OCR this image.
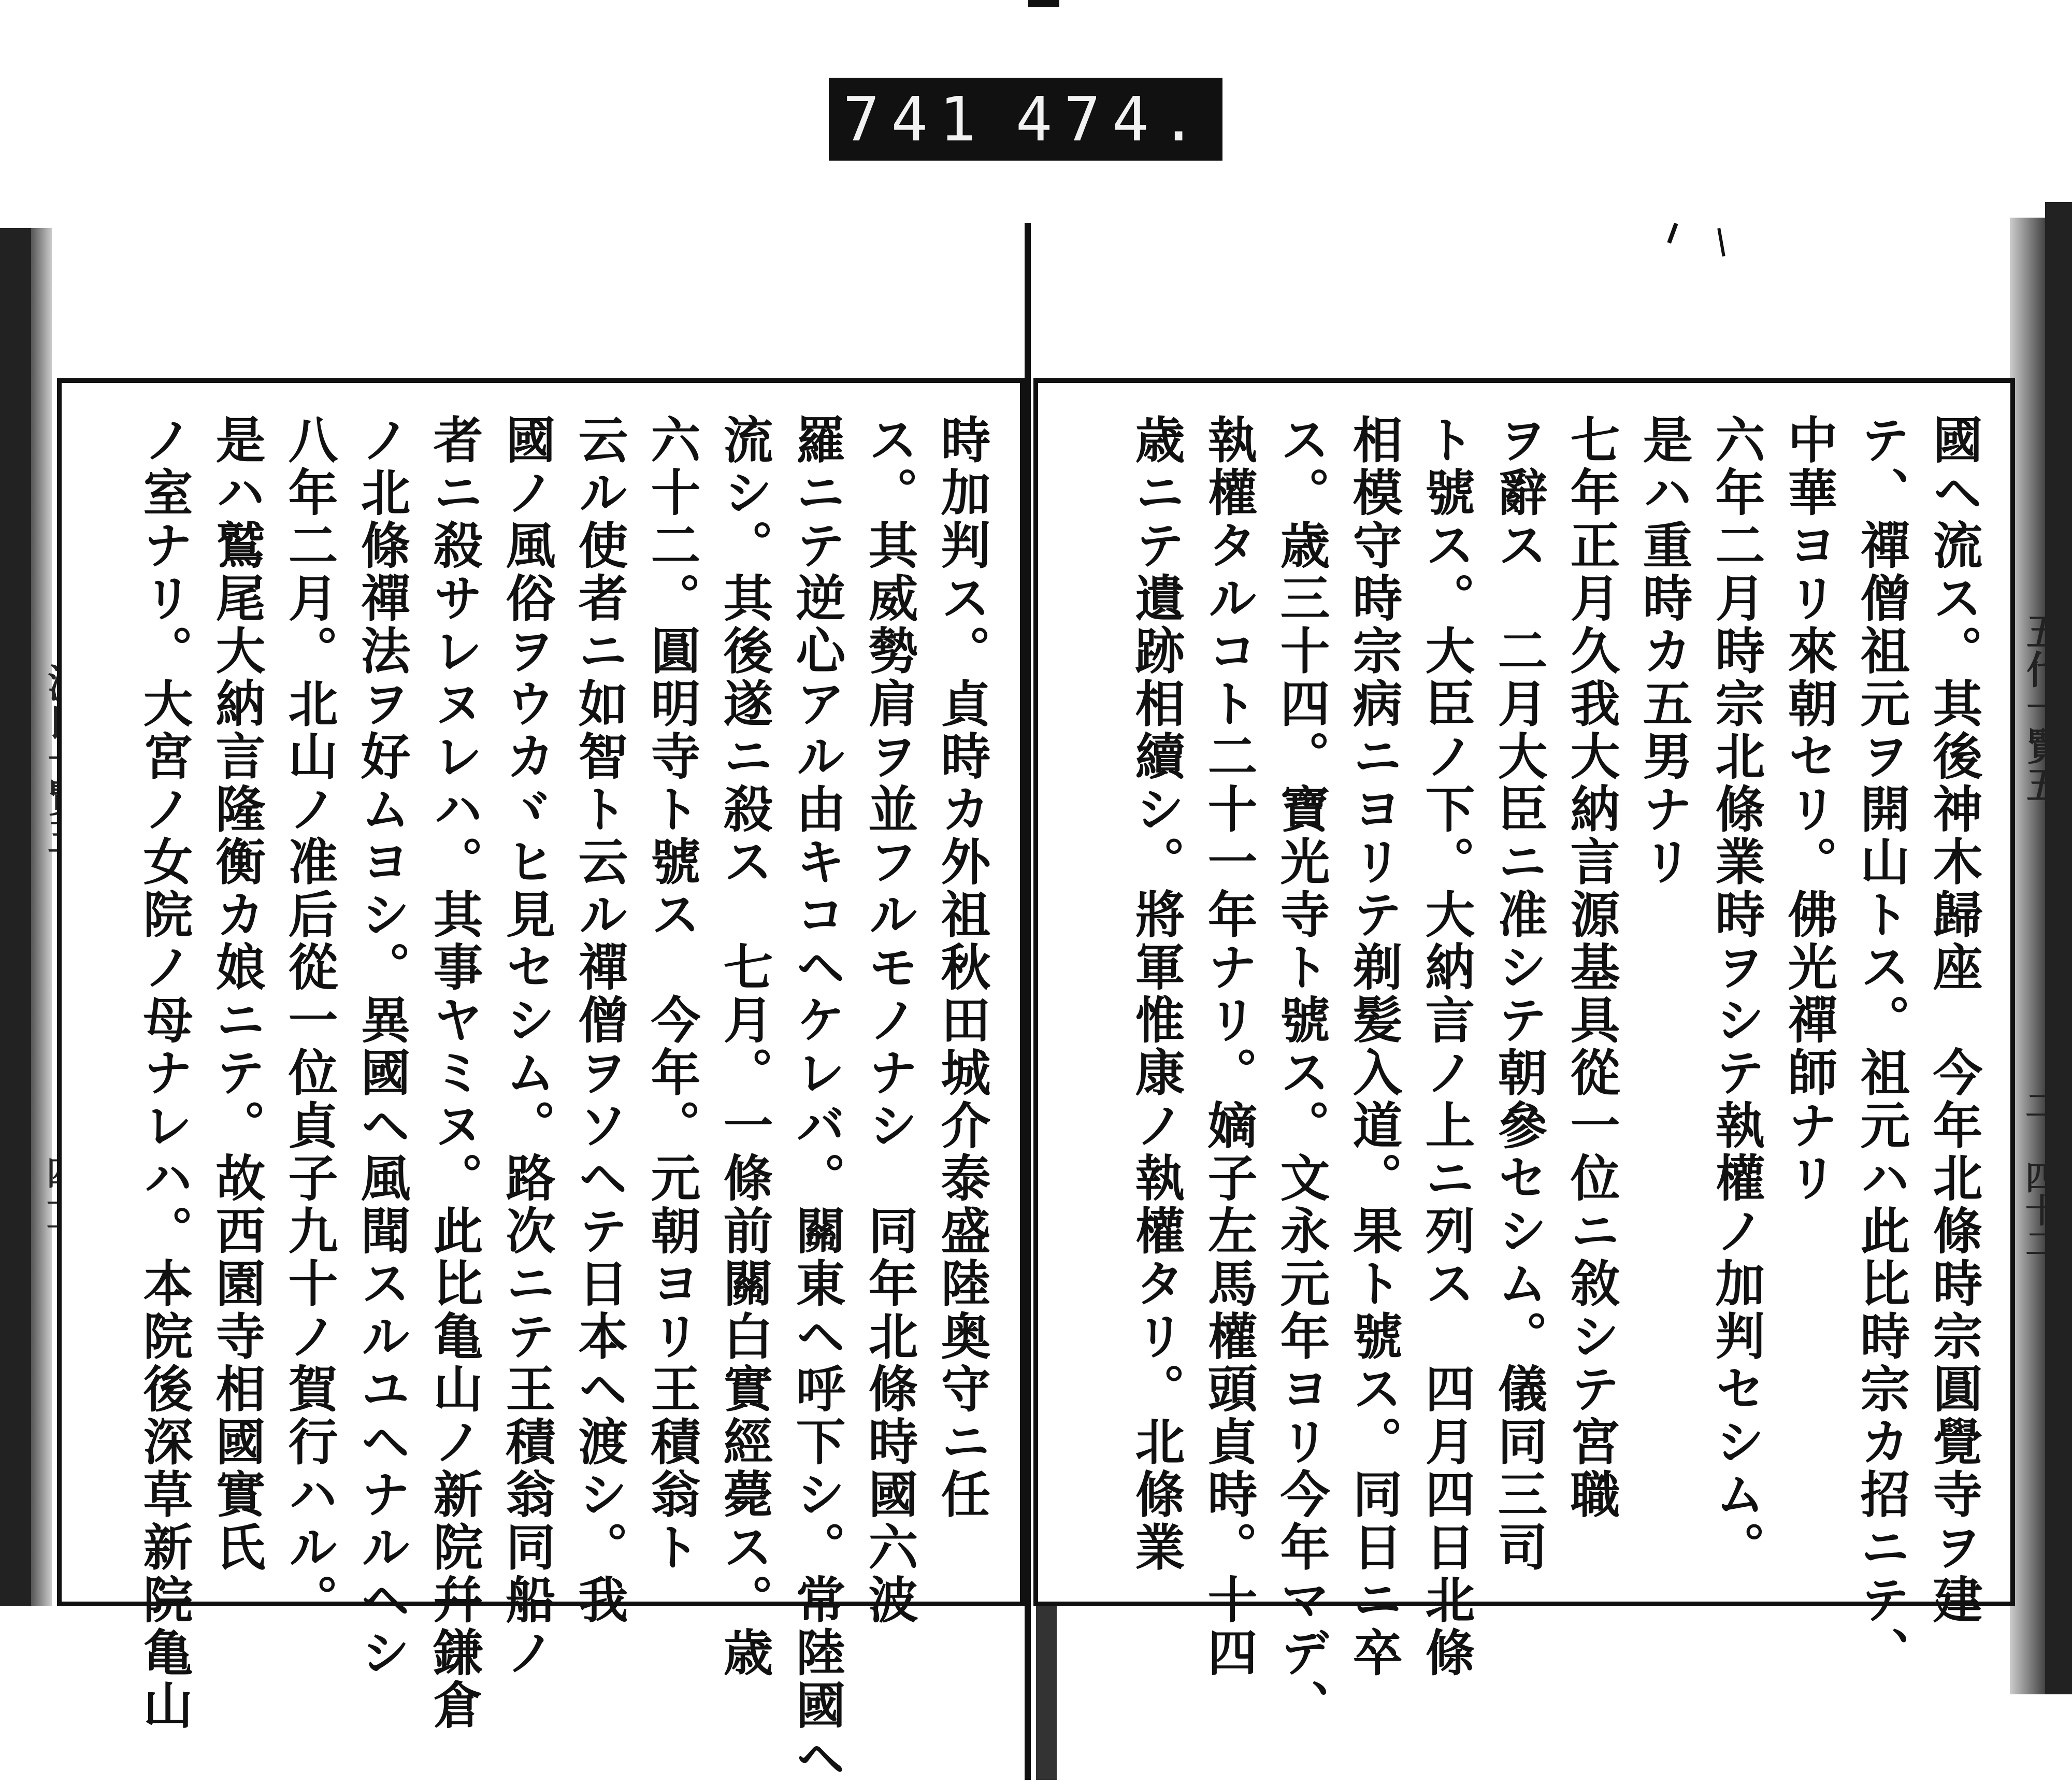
741 474.
五代一覽五
二 四十二
國ヘ流ス。其後神木歸座　今年北條時宗圓覺寺ヲ建
テ、禪僧祖元ヲ開山トス。祖元ハ此比時宗カ招ニテ、
中華ヨリ來朝セリ。佛光禪師ナリ
六年二月時宗北條業時ヲシテ執權ノ加判セシム。
是ハ重時カ五男ナリ
七年正月久我大納言源基具從一位ニ敘シテ宮職
ヲ辭ス　二月大臣ニ准シテ朝參セシム。儀同三司
ト號ス。大臣ノ下。大納言ノ上ニ列ス　四月四日北條
相模守時宗病ニヨリテ剃髪入道。果ト號ス。同日ニ卒
ス。歳三十四。寶光寺ト號ス。文永元年ヨリ今年マデ、
執權タルコト二十一年ナリ。嫡子左馬權頭貞時。十四
歳ニテ遺跡相續シ。將軍惟康ノ執權タリ。北條業
時加判ス。貞時カ外祖秋田城介泰盛陸奥守ニ任
ス。其威勢肩ヲ並フルモノナシ　同年北條時國六波
羅ニテ逆心アル由キコヘケレバ。關東ヘ呼下シ。常陸國ヘ
流シ。其後遂ニ殺ス　七月。一條前關白實經薨ス。歳
六十二。圓明寺ト號ス　今年。元朝ヨリ王積翁ト
云ル使者ニ如智ト云ル禪僧ヲソヘテ日本ヘ渡シ。我
國ノ風俗ヲウカヾヒ見セシム。路次ニテ王積翁同船ノ
者ニ殺サレヌレハ。其事ヤミヌ。此比亀山ノ新院幷鎌倉
ノ北條禪法ヲ好ムヨシ。異國ヘ風聞スルユヘナルヘシ
八年二月。北山ノ准后從一位貞子九十ノ賀行ハル。
是ハ鷲尾大納言隆衡カ娘ニテ。故西園寺相國實氏
ノ室ナリ。大宮ノ女院ノ母ナレハ。本院後深草新院亀山
